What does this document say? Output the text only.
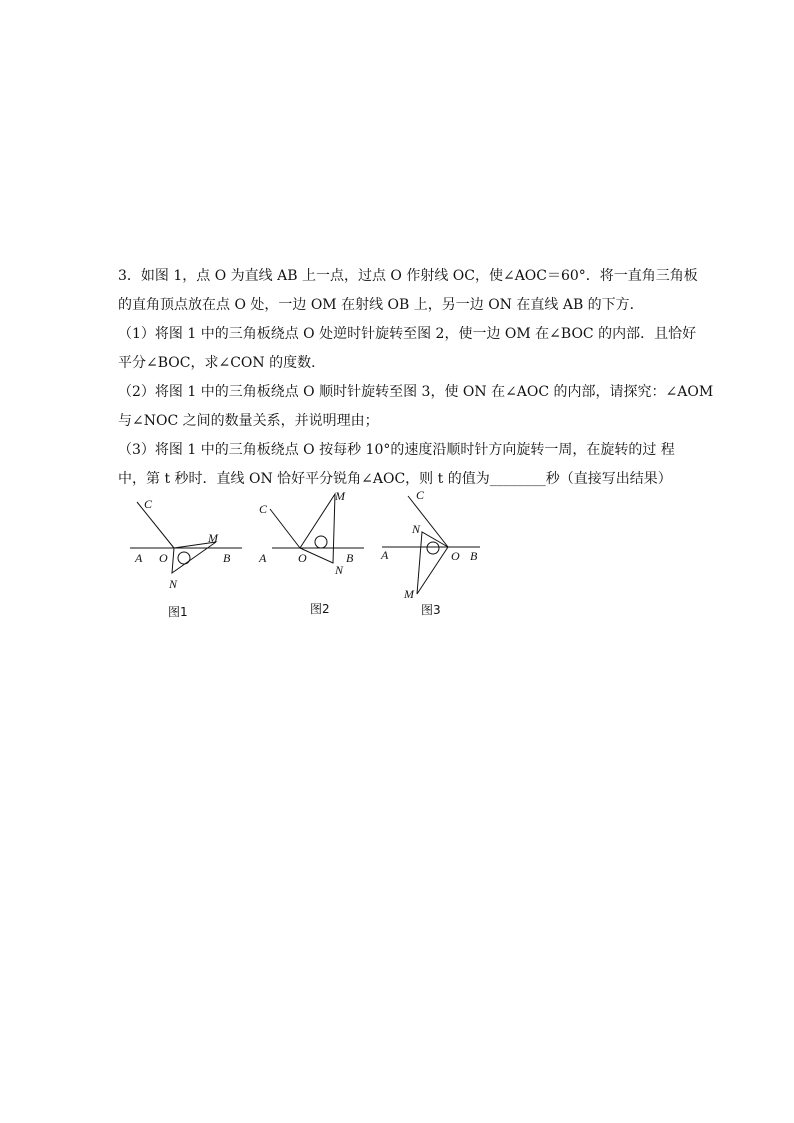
3．如图 1，点 O 为直线 AB 上一点，过点 O 作射线 OC，使∠AOC＝60°．将一直角三角板

的直角顶点放在点 O 处，一边 OM 在射线 OB 上，另一边 ON 在直线 AB 的下方．

（1）将图 1 中的三角板绕点 O 处逆时针旋转至图 2，使一边 OM 在∠BOC 的内部．且恰好

平分∠BOC，求∠CON 的度数．

（2）将图 1 中的三角板绕点 O 顺时针旋转至图 3，使 ON 在∠AOC 的内部，请探究：∠AOM

与∠NOC 之间的数量关系，并说明理由；

（3）将图 1 中的三角板绕点 O 按每秒 10°的速度沿顺时针方向旋转一周，在旋转的过 程

中，第 t 秒时．直线 ON 恰好平分锐角∠AOC，则 t 的值为________秒（直接写出结果）

C
A O
M
B
N
图1
C
A	O
M
B
N
图2
C
A	O
M
B
N
图3
